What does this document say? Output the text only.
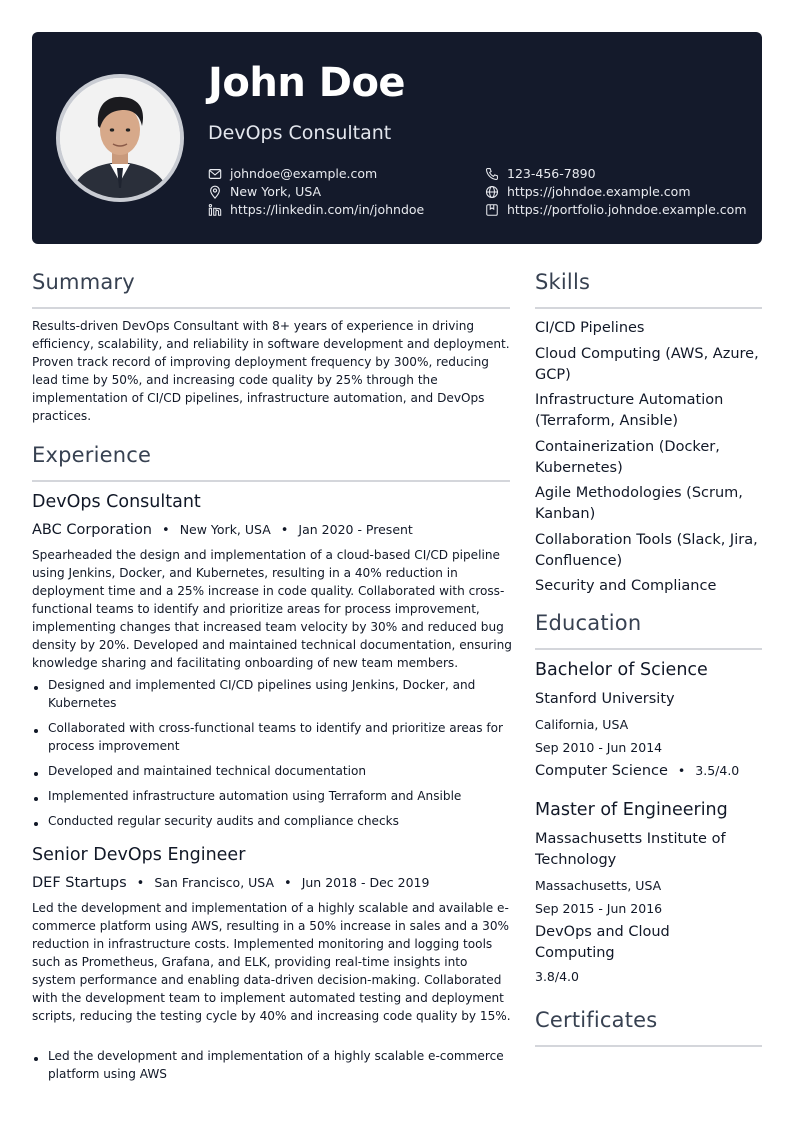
John Doe
DevOps Consultant
johndoe@example.com
New York, USA
https://linkedin.com/in/johndoe
123-456-7890
https://johndoe.example.com
https://portfolio.johndoe.example.com
Summary
Results-driven DevOps Consultant with 8+ years of experience in driving efficiency, scalability, and reliability in software development and deployment. Proven track record of improving deployment frequency by 300%, reducing lead time by 50%, and increasing code quality by 25% through the implementation of CI/CD pipelines, infrastructure automation, and DevOps practices.
Experience
DevOps Consultant
ABC Corporation • New York, USA • Jan 2020 - Present
Spearheaded the design and implementation of a cloud-based CI/CD pipeline using Jenkins, Docker, and Kubernetes, resulting in a 40% reduction in deployment time and a 25% increase in code quality. Collaborated with cross-functional teams to identify and prioritize areas for process improvement, implementing changes that increased team velocity by 30% and reduced bug density by 20%. Developed and maintained technical documentation, ensuring knowledge sharing and facilitating onboarding of new team members.
Designed and implemented CI/CD pipelines using Jenkins, Docker, and Kubernetes
Collaborated with cross-functional teams to identify and prioritize areas for process improvement
Developed and maintained technical documentation
Implemented infrastructure automation using Terraform and Ansible
Conducted regular security audits and compliance checks
Senior DevOps Engineer
DEF Startups • San Francisco, USA • Jun 2018 - Dec 2019
Led the development and implementation of a highly scalable and available e-commerce platform using AWS, resulting in a 50% increase in sales and a 30% reduction in infrastructure costs. Implemented monitoring and logging tools such as Prometheus, Grafana, and ELK, providing real-time insights into system performance and enabling data-driven decision-making. Collaborated with the development team to implement automated testing and deployment scripts, reducing the testing cycle by 40% and increasing code quality by 15%.
Led the development and implementation of a highly scalable e-commerce platform using AWS
Skills
CI/CD Pipelines
Cloud Computing (AWS, Azure, GCP)
Infrastructure Automation (Terraform, Ansible)
Containerization (Docker, Kubernetes)
Agile Methodologies (Scrum, Kanban)
Collaboration Tools (Slack, Jira, Confluence)
Security and Compliance
Education
Bachelor of Science
Stanford University
California, USA
Sep 2010 - Jun 2014
Computer Science • 3.5/4.0
Master of Engineering
Massachusetts Institute of Technology
Massachusetts, USA
Sep 2015 - Jun 2016
DevOps and Cloud Computing
3.8/4.0
Certificates
